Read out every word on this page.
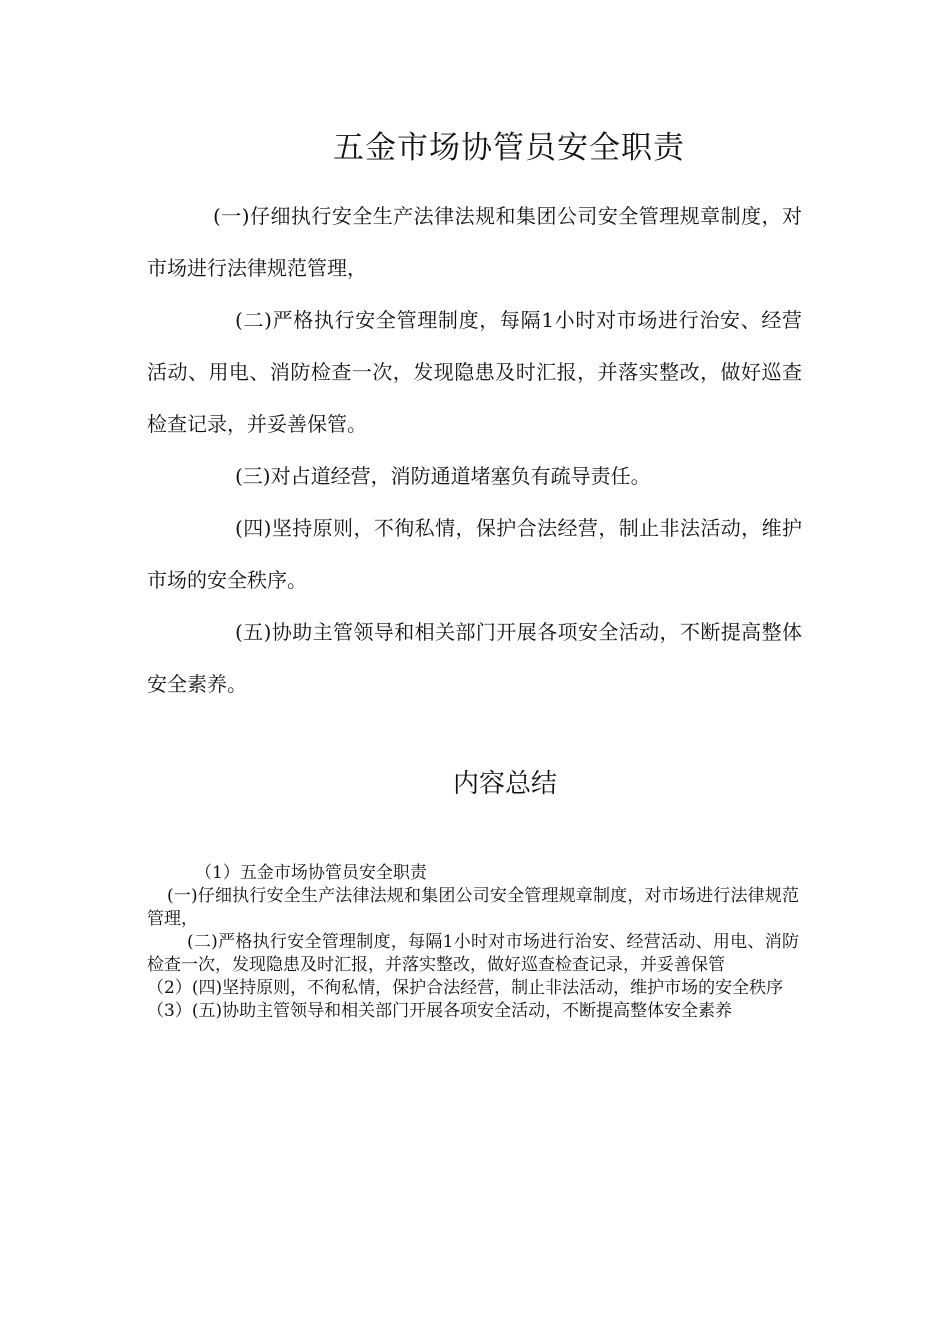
五金市场协管员安全职责

(一)仔细执行安全生产法律法规和集团公司安全管理规章制度，对市场进行法律规范管理，

(二)严格执行安全管理制度，每隔1小时对市场进行治安、经营活动、用电、消防检查一次，发现隐患及时汇报，并落实整改，做好巡查检查记录，并妥善保管。

(三)对占道经营，消防通道堵塞负有疏导责任。

(四)坚持原则，不徇私情，保护合法经营，制止非法活动，维护市场的安全秩序。

(五)协助主管领导和相关部门开展各项安全活动，不断提高整体安全素养。

内容总结

（1）五金市场协管员安全职责

(一)仔细执行安全生产法律法规和集团公司安全管理规章制度，对市场进行法律规范管理，

(二)严格执行安全管理制度，每隔1小时对市场进行治安、经营活动、用电、消防检查一次，发现隐患及时汇报，并落实整改，做好巡查检查记录，并妥善保管

（2）(四)坚持原则，不徇私情，保护合法经营，制止非法活动，维护市场的安全秩序

（3）(五)协助主管领导和相关部门开展各项安全活动，不断提高整体安全素养
